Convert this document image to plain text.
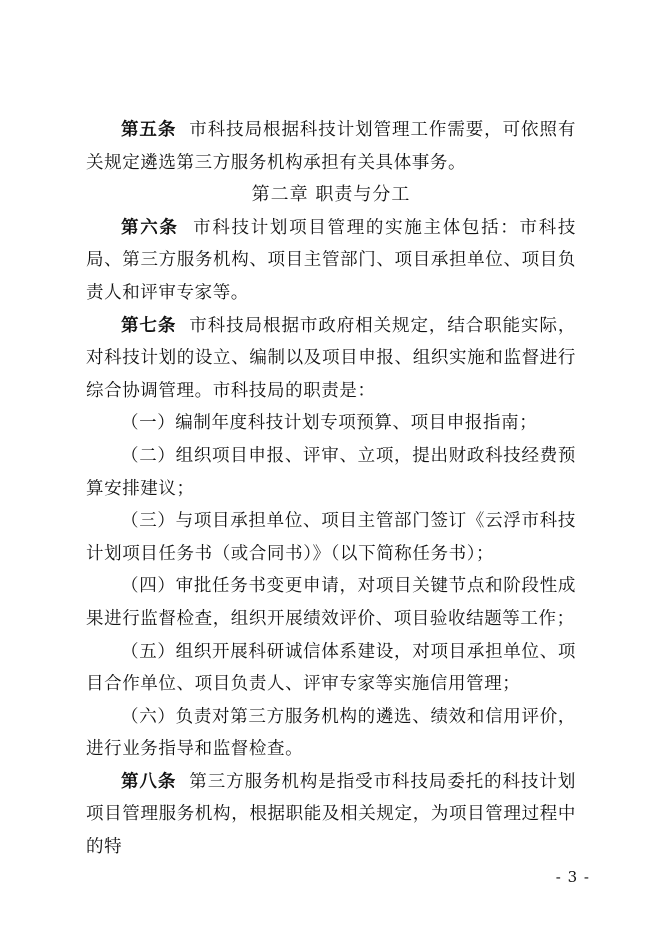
第五条 市科技局根据科技计划管理工作需要，可依照有关规定遴选第三方服务机构承担有关具体事务。

第二章 职责与分工

第六条 市科技计划项目管理的实施主体包括：市科技局、第三方服务机构、项目主管部门、项目承担单位、项目负责人和评审专家等。

第七条 市科技局根据市政府相关规定，结合职能实际，对科技计划的设立、编制以及项目申报、组织实施和监督进行综合协调管理。市科技局的职责是：

（一）编制年度科技计划专项预算、项目申报指南；

（二）组织项目申报、评审、立项，提出财政科技经费预算安排建议；

（三）与项目承担单位、项目主管部门签订《云浮市科技计划项目任务书（或合同书）》（以下简称任务书）；

（四）审批任务书变更申请，对项目关键节点和阶段性成果进行监督检查，组织开展绩效评价、项目验收结题等工作；

（五）组织开展科研诚信体系建设，对项目承担单位、项目合作单位、项目负责人、评审专家等实施信用管理；

（六）负责对第三方服务机构的遴选、绩效和信用评价，进行业务指导和监督检查。

第八条 第三方服务机构是指受市科技局委托的科技计划项目管理服务机构，根据职能及相关规定，为项目管理过程中的特

- 3 -
